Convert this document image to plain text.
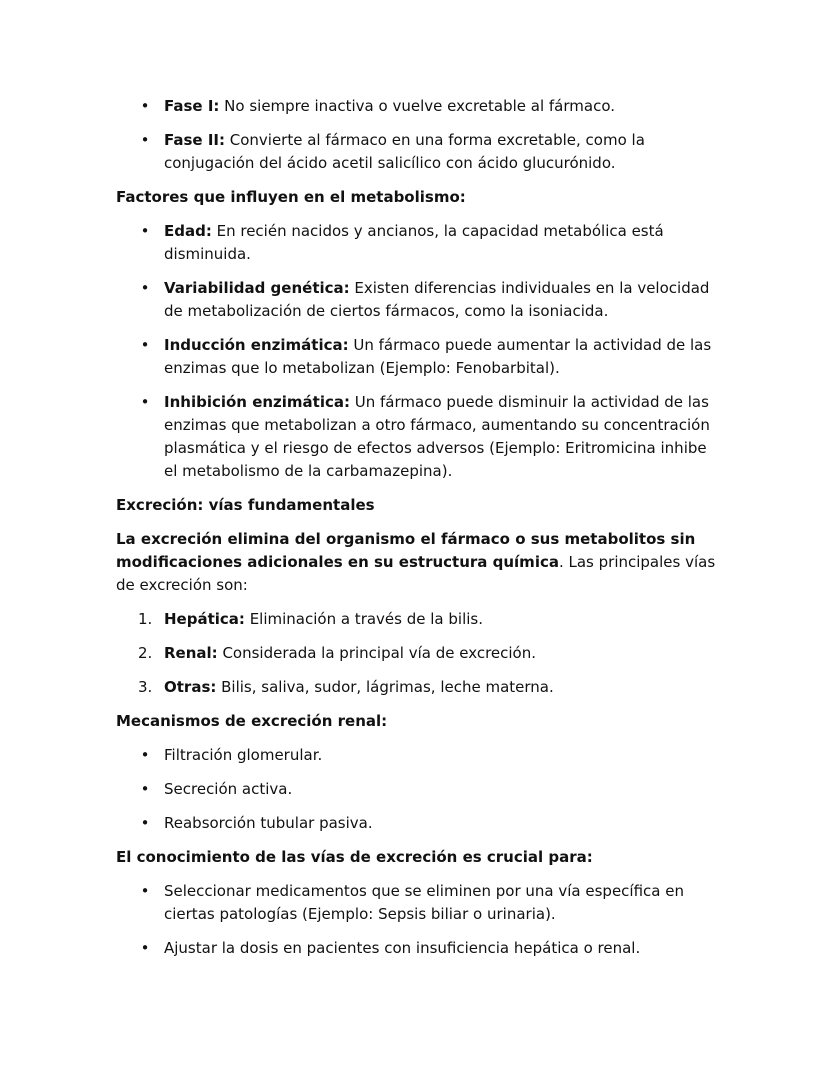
• Fase I: No siempre inactiva o vuelve excretable al fármaco.
• Fase II: Convierte al fármaco en una forma excretable, como la conjugación del ácido acetil salicílico con ácido glucurónido.

Factores que influyen en el metabolismo:

• Edad: En recién nacidos y ancianos, la capacidad metabólica está disminuida.
• Variabilidad genética: Existen diferencias individuales en la velocidad de metabolización de ciertos fármacos, como la isoniacida.
• Inducción enzimática: Un fármaco puede aumentar la actividad de las enzimas que lo metabolizan (Ejemplo: Fenobarbital).
• Inhibición enzimática: Un fármaco puede disminuir la actividad de las enzimas que metabolizan a otro fármaco, aumentando su concentración plasmática y el riesgo de efectos adversos (Ejemplo: Eritromicina inhibe el metabolismo de la carbamazepina).

Excreción: vías fundamentales

La excreción elimina del organismo el fármaco o sus metabolitos sin modificaciones adicionales en su estructura química. Las principales vías de excreción son:

1. Hepática: Eliminación a través de la bilis.
2. Renal: Considerada la principal vía de excreción.
3. Otras: Bilis, saliva, sudor, lágrimas, leche materna.

Mecanismos de excreción renal:

• Filtración glomerular.
• Secreción activa.
• Reabsorción tubular pasiva.

El conocimiento de las vías de excreción es crucial para:

• Seleccionar medicamentos que se eliminen por una vía específica en ciertas patologías (Ejemplo: Sepsis biliar o urinaria).
• Ajustar la dosis en pacientes con insuficiencia hepática o renal.
